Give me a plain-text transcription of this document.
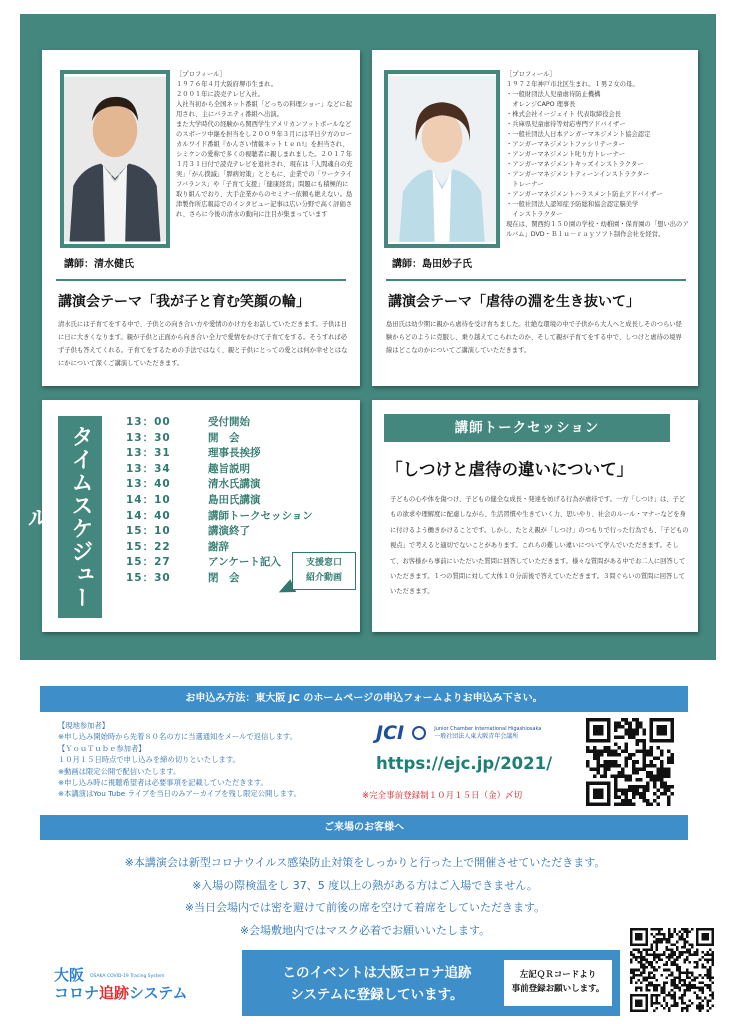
［プロフィール］
１９７６年４月大阪府堺市生まれ。
２００１年に読売テレビ入社。
入社当初から全国ネット番組「どっちの料理ショー」などに起用され、主にバラエティ番組へ出演。
また大学時代の経験から関西学生アメリカンフットボールなどのスポーツ中継を担当をし２００９年３月には平日夕方のローカルワイド番組『かんさい情報ネットｔｅｎ!』を担当され、シミケンの愛称で多くの視聴者に親しまれました。２０１７年１月３１日付で読売テレビを退社され、現在は「人間魂自の充実」「がん撲滅」「膵病対策」とともに、企業での「ワークライフバランス」や「子育て支援」「健康経営」問題にも積極的に取り組んでおり、大手企業からのセミナー依頼も絶えない。島津製作所広報誌でのインタビュー記事は広い分野で高く評価され、さらに今後の清水の動向に注目が集まっています
講師：清水健氏
講演会テーマ「我が子と育む笑顔の輪」
清水氏には子育てをする中で、子供との向き合い方や愛情のかけ方をお話していただきます。子供は日に日に大きくなります。親が子供と正面から向き合い全力で愛情をかけて子育てをする。そうすれば必ず子供も答えてくれる。子育てをするための手法ではなく、親と子供にとっての愛とは何か幸せとはなにかについて深くご講演していただきます。
［プロフィール］
１９７２年神戸市北区生まれ。１男２女の母。
・一般財団法人児童虐待防止機構
　オレンジCAPO 理事長
・株式会社イージェイト 代表取締役会長
・兵庫県児童虐待等対応専門アドバイザー
・一般社団法人日本アンガーマネジメント協会認定
・アンガーマネジメントファシリテーター
・アンガーマネジメント叱り方トレーナー
・アンガーマネジメントキッズインストラクター
・アンガーマネジメントティーンインストラクター
　トレーナー
・アンガーマネジメントハラスメント防止アドバイザー
・一般社団法人認知症予防総和協会認定脳美学
　インストラクター
現在は、関西約１５０園の学校・幼稚園・保育園の「想い出のアルバム」DVD・Ｂｌｕ－ｒａｙソフト制作会社を経営。
講師：島田妙子氏
講演会テーマ「虐待の淵を生き抜いて」
島田氏は幼少期に親から虐待を受け育ちました。壮絶な環境の中で子供から大人へと成長しそのつらい経験からどのように克服し、乗り越えてこられたのか、そして親が子育てをする中で、しつけと虐待の境界線はどこなのかについてご講演していただきます。
タイムスケジュール
13：00	受付開始
13：30	開　会
13：31	理事長挨拶
13：34	趣旨説明
13：40	清水氏講演
14：10	島田氏講演
14：40	講師トークセッション
15：10	講演終了
15：22	謝辞
15：27	アンケート記入
15：30	閉　会
支援窓口
紹介動画
講師トークセッション
「しつけと虐待の違いについて」
子どもの心や体を傷つけ、子どもの健全な成長・発達を妨げる行為が虐待です。一方「しつけ」は、子どもの欲求や理解度に配慮しながら、生活習慣や生きていく力、思いやり、社会のルール・マナーなどを身に付けるよう働きかけることです。しかし、たとえ親が「しつけ」のつもりで行った行為でも、「子どもの視点」で考えると適切でないことがあります。これらの難しい違いについて学んでいただきます。そして、お客様から事前にいただいた質問に回答していただきます。様々な質問がある中でお二人に回答していただきます。１つの質問に対して大体１０分前後で答えていただきます。３問ぐらいの質問に回答していただきます。
お申込み方法：東大阪 JC のホームページの申込フォームよりお申込み下さい。
【現地参加者】
※申し込み開始時から先着８０名の方に当選通知をメールで返信します。
【ＹｏｕＴｕｂｅ参加者】
１０月１５日時点で申し込みを締め切りといたします。
※動画は限定公開で配信いたします。
※申し込み時に視聴希望者は必要事項を記載していただきます。
※本講演はYou Tube ライブを当日のみアーカイブを残し限定公開します。
JCI	Junior Chamber International Higashiosaka
一般社団法人東大阪青年会議所
https://ejc.jp/2021/
※完全事前登録制１０月１５日（金）〆切
ご来場のお客様へ
※本講演会は新型コロナウイルス感染防止対策をしっかりと行った上で開催させていただきます。
※入場の際検温をし 37、5 度以上の熱がある方はご入場できません。
※当日会場内では密を避けて前後の席を空けて着席をしていただきます。
※会場敷地内ではマスク必着でお願いいたします。
大阪 OSAKA COVID-19 Tracing System
コロナ追跡システム
このイベントは大阪コロナ追跡
システムに登録しています。
左記ＱＲコードより
事前登録お願いします。
